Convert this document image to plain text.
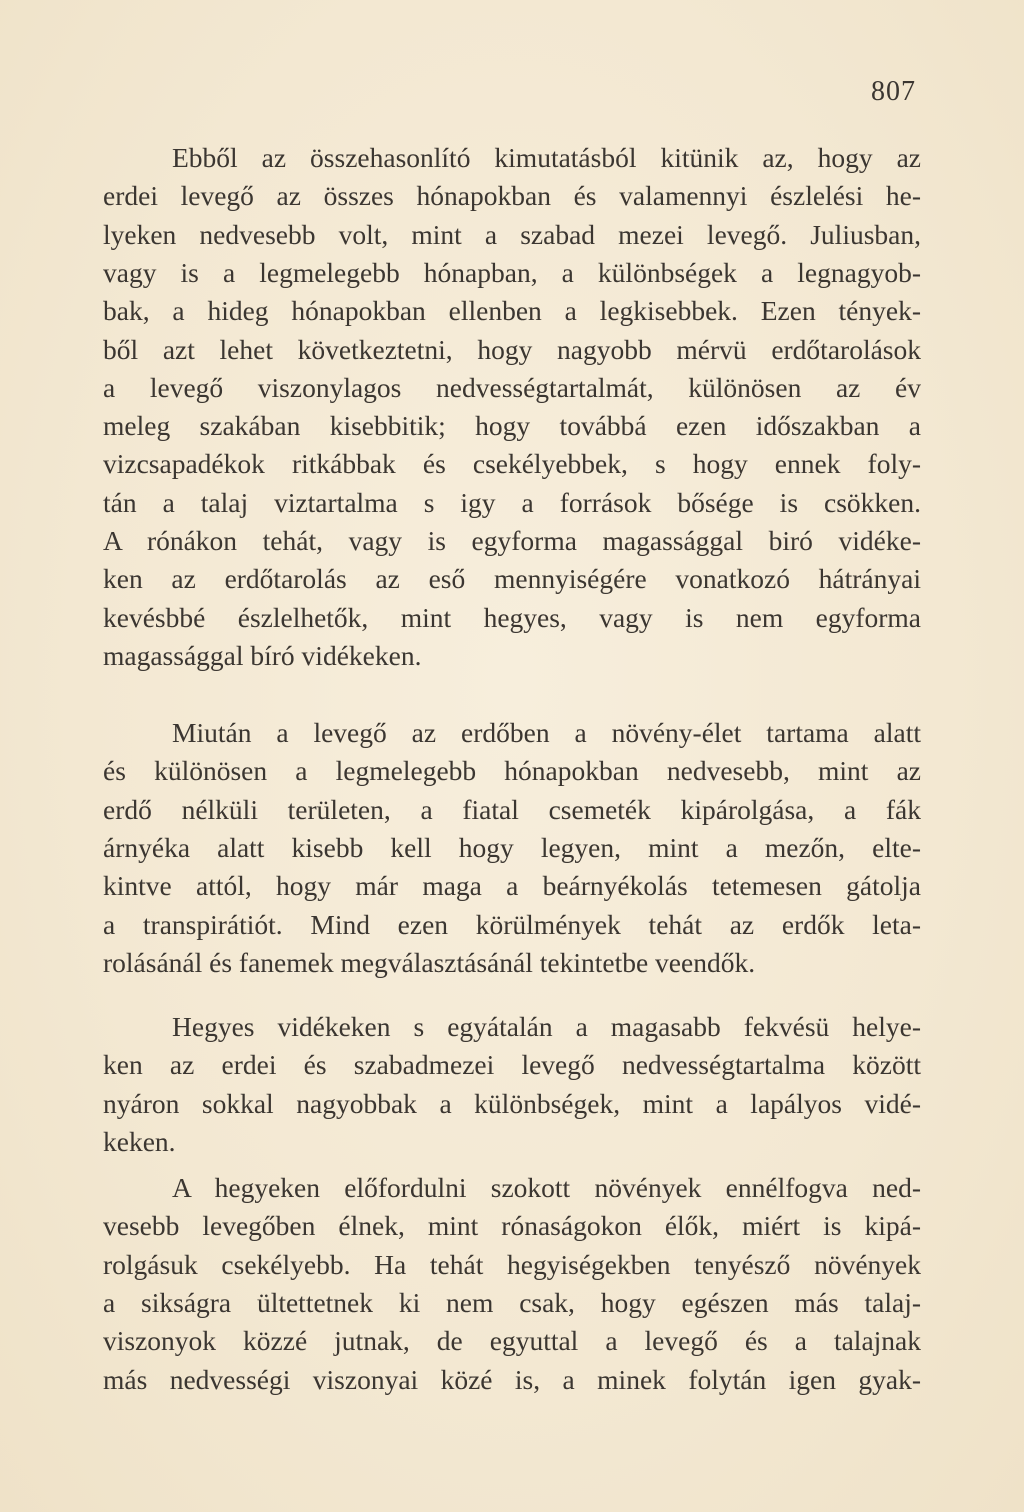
807
Ebből az összehasonlító kimutatásból kitünik az, hogy az
erdei levegő az összes hónapokban és valamennyi észlelési he-
lyeken nedvesebb volt, mint a szabad mezei levegő. Juliusban,
vagy is a legmelegebb hónapban, a különbségek a legnagyob-
bak, a hideg hónapokban ellenben a legkisebbek. Ezen tények-
ből azt lehet következtetni, hogy nagyobb mérvü erdőtarolások
a levegő viszonylagos nedvességtartalmát, különösen az év
meleg szakában kisebbitik; hogy továbbá ezen időszakban a
vizcsapadékok ritkábbak és csekélyebbek, s hogy ennek foly-
tán a talaj viztartalma s igy a források bősége is csökken.
A rónákon tehát, vagy is egyforma magassággal biró vidéke-
ken az erdőtarolás az eső mennyiségére vonatkozó hátrányai
kevésbbé észlelhetők, mint hegyes, vagy is nem egyforma
magassággal bíró vidékeken.
Miután a levegő az erdőben a növény-élet tartama alatt
és különösen a legmelegebb hónapokban nedvesebb, mint az
erdő nélküli területen, a fiatal csemeték kipárolgása, a fák
árnyéka alatt kisebb kell hogy legyen, mint a mezőn, elte-
kintve attól, hogy már maga a beárnyékolás tetemesen gátolja
a transpirátiót. Mind ezen körülmények tehát az erdők leta-
rolásánál és fanemek megválasztásánál tekintetbe veendők.
Hegyes vidékeken s egyátalán a magasabb fekvésü helye-
ken az erdei és szabadmezei levegő nedvességtartalma között
nyáron sokkal nagyobbak a különbségek, mint a lapályos vidé-
keken.
A hegyeken előfordulni szokott növények ennélfogva ned-
vesebb levegőben élnek, mint rónaságokon élők, miért is kipá-
rolgásuk csekélyebb. Ha tehát hegyiségekben tenyésző növények
a sikságra ültettetnek ki nem csak, hogy egészen más talaj-
viszonyok közzé jutnak, de egyuttal a levegő és a talajnak
más nedvességi viszonyai közé is, a minek folytán igen gyak-
